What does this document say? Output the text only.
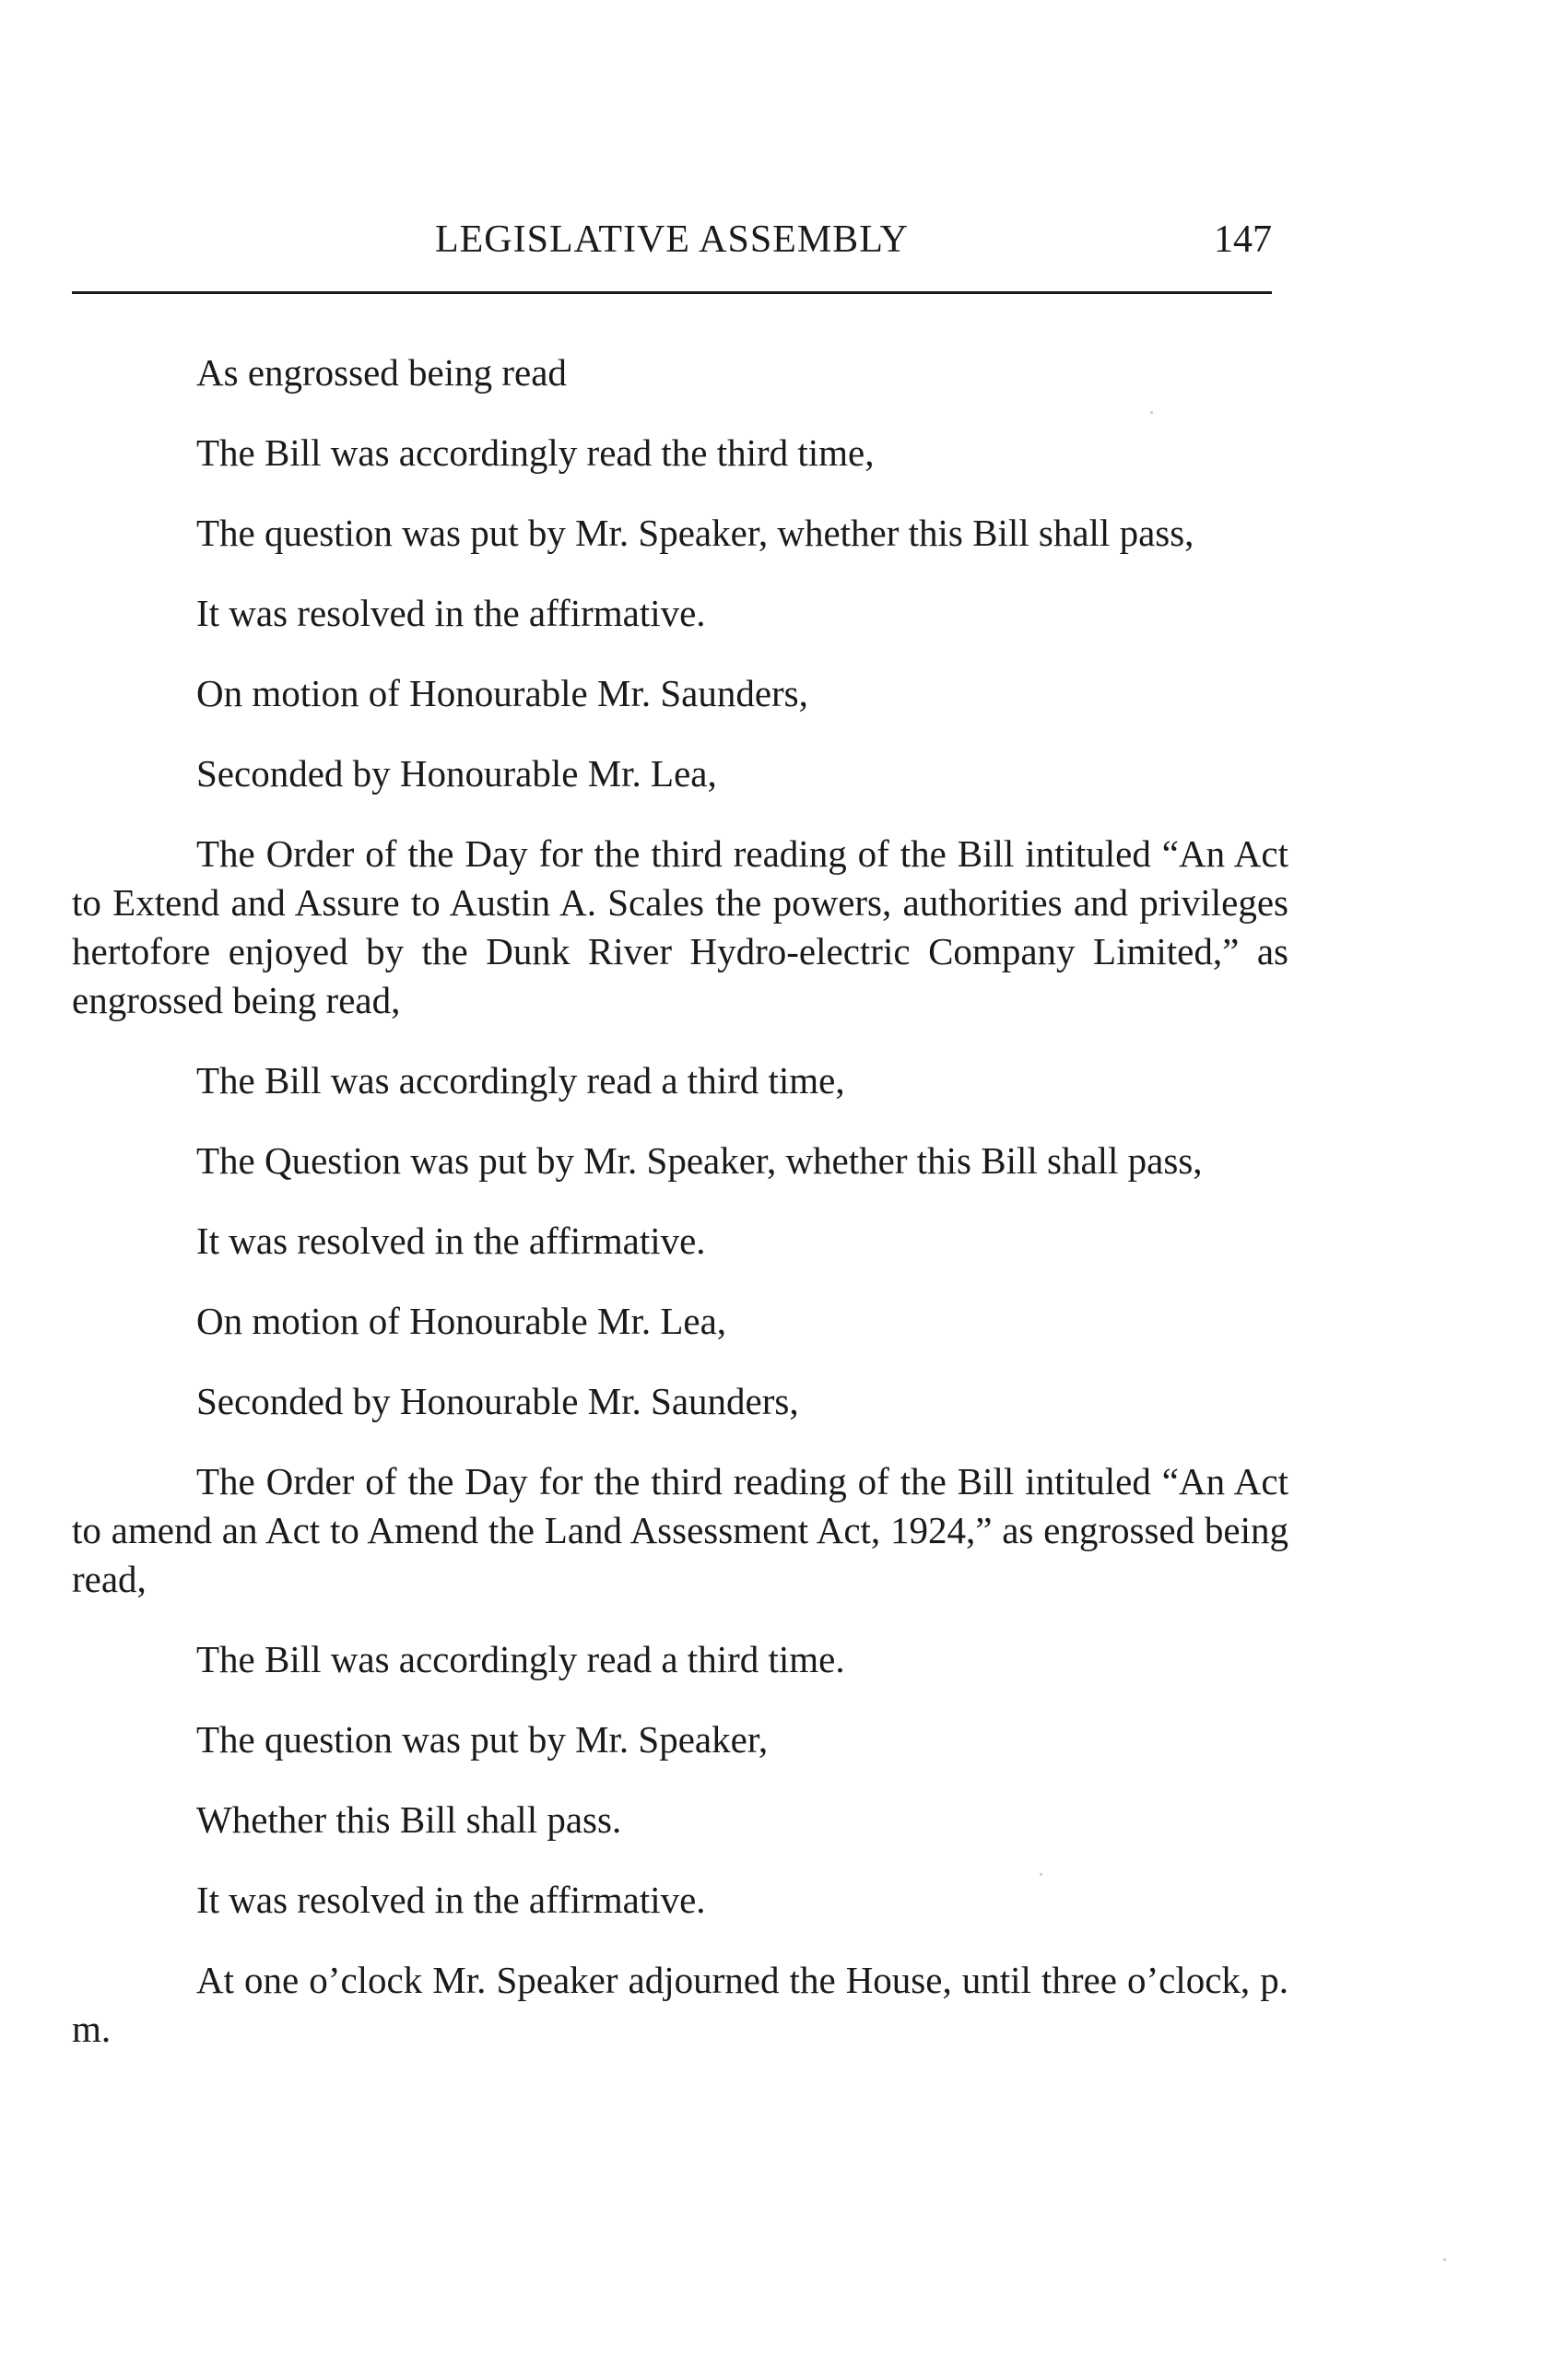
LEGISLATIVE ASSEMBLY	147

As engrossed being read

The Bill was accordingly read the third time,

The question was put by Mr. Speaker, whether this Bill shall pass,

It was resolved in the affirmative.

On motion of Honourable Mr. Saunders,

Seconded by Honourable Mr. Lea,

The Order of the Day for the third reading of the Bill intituled “An Act to Extend and Assure to Austin A. Scales the powers, authorities and privileges hertofore enjoyed by the Dunk River Hydro-electric Company Limited,” as engrossed being read,

The Bill was accordingly read a third time,

The Question was put by Mr. Speaker, whether this Bill shall pass,

It was resolved in the affirmative.

On motion of Honourable Mr. Lea,

Seconded by Honourable Mr. Saunders,

The Order of the Day for the third reading of the Bill intituled “An Act to amend an Act to Amend the Land Assessment Act, 1924,” as engrossed being read,

The Bill was accordingly read a third time.

The question was put by Mr. Speaker,

Whether this Bill shall pass.

It was resolved in the affirmative.

At one o’clock Mr. Speaker adjourned the House, until three o’clock, p. m.
